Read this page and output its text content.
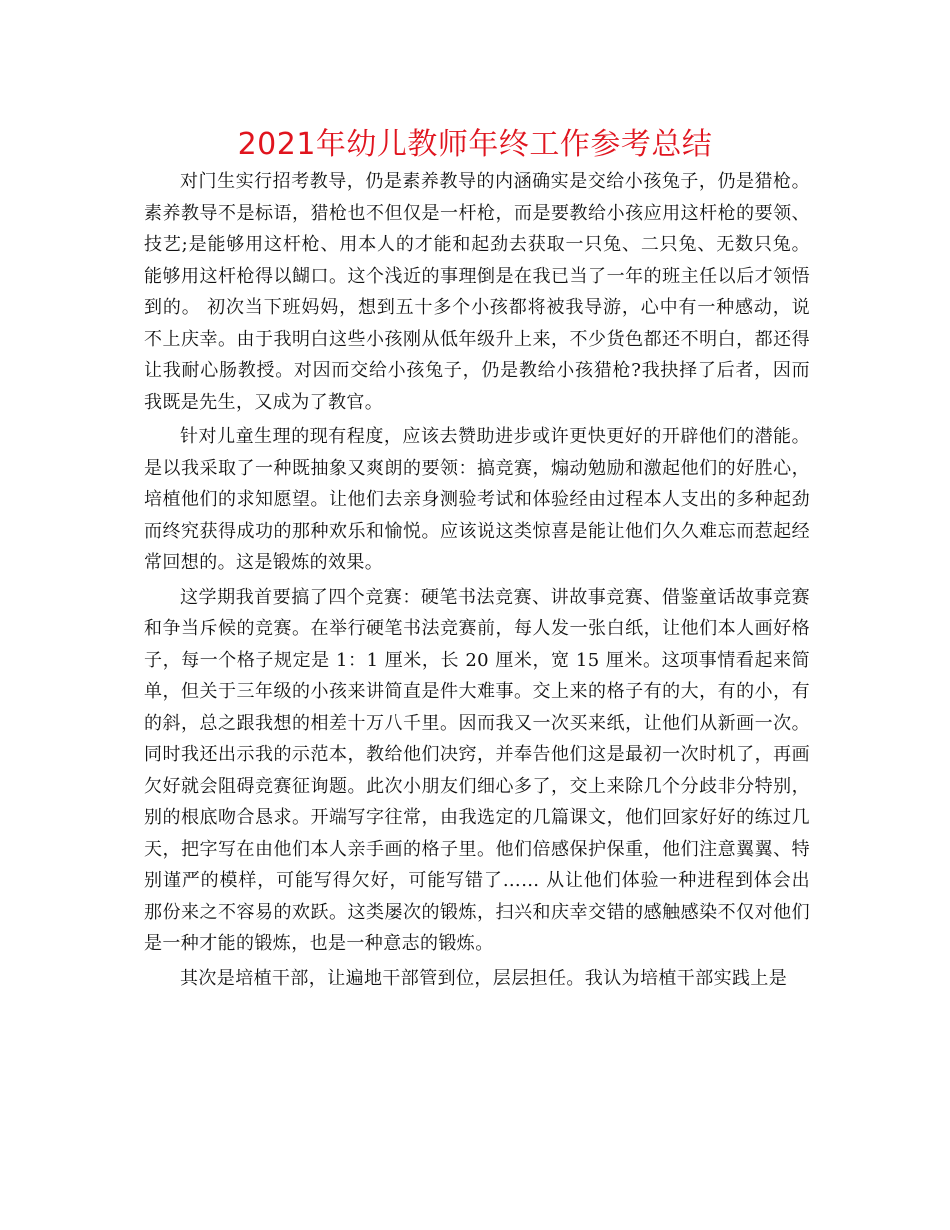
2021年幼儿教师年终工作参考总结

对门生实行招考教导，仍是素养教导的内涵确实是交给小孩兔子，仍是猎枪。素养教导不是标语，猎枪也不但仅是一杆枪，而是要教给小孩应用这杆枪的要领、技艺;是能够用这杆枪、用本人的才能和起劲去获取一只兔、二只兔、无数只兔。能够用这杆枪得以餬口。这个浅近的事理倒是在我已当了一年的班主任以后才领悟到的。 初次当下班妈妈，想到五十多个小孩都将被我导游，心中有一种感动，说不上庆幸。由于我明白这些小孩刚从低年级升上来，不少货色都还不明白，都还得让我耐心肠教授。对因而交给小孩兔子，仍是教给小孩猎枪?我抉择了后者，因而我既是先生，又成为了教官。

针对儿童生理的现有程度，应该去赞助进步或许更快更好的开辟他们的潜能。是以我采取了一种既抽象又爽朗的要领：搞竞赛，煽动勉励和激起他们的好胜心，培植他们的求知愿望。让他们去亲身测验考试和体验经由过程本人支出的多种起劲而终究获得成功的那种欢乐和愉悦。应该说这类惊喜是能让他们久久难忘而惹起经常回想的。这是锻炼的效果。

这学期我首要搞了四个竞赛：硬笔书法竞赛、讲故事竞赛、借鉴童话故事竞赛和争当斥候的竞赛。在举行硬笔书法竞赛前，每人发一张白纸，让他们本人画好格子，每一个格子规定是 1：1 厘米，长 20 厘米，宽 15 厘米。这项事情看起来简单，但关于三年级的小孩来讲简直是件大难事。交上来的格子有的大，有的小，有的斜，总之跟我想的相差十万八千里。因而我又一次买来纸，让他们从新画一次。同时我还出示我的示范本，教给他们决窍，并奉告他们这是最初一次时机了，再画欠好就会阻碍竞赛征询题。此次小朋友们细心多了，交上来除几个分歧非分特别，别的根底吻合恳求。开端写字往常，由我选定的几篇课文，他们回家好好的练过几天，把字写在由他们本人亲手画的格子里。他们倍感保护保重，他们注意翼翼、特别谨严的模样，可能写得欠好，可能写错了…… 从让他们体验一种进程到体会出那份来之不容易的欢跃。这类屡次的锻炼，扫兴和庆幸交错的感触感染不仅对他们是一种才能的锻炼，也是一种意志的锻炼。

其次是培植干部，让遍地干部管到位，层层担任。我认为培植干部实践上是
